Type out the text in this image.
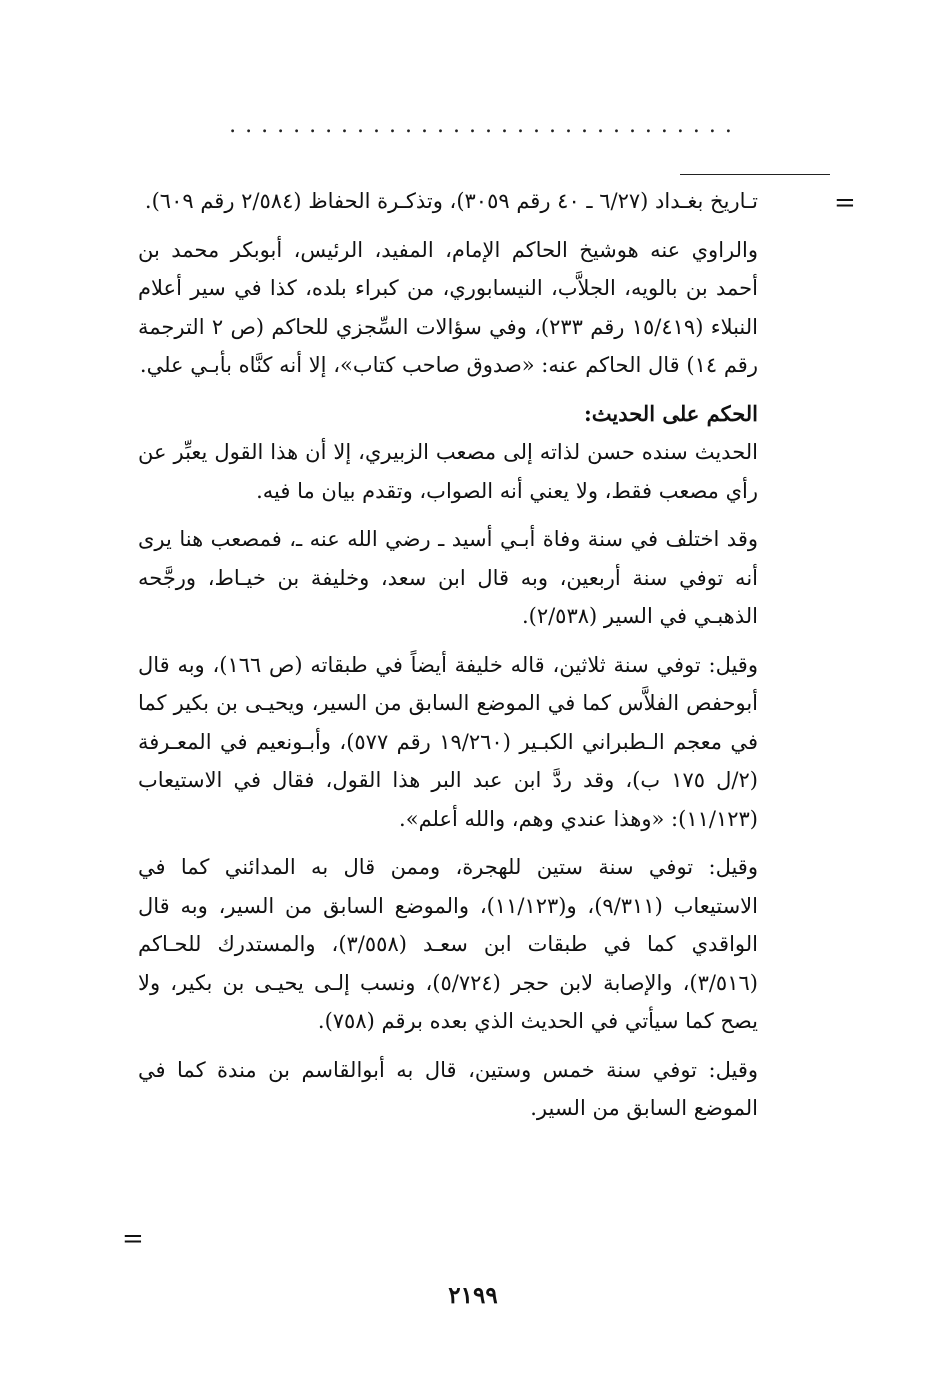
................................
=

تـاريخ بغـداد (٦/٢٧ ـ ٤٠ رقم ٣٠٥٩)، وتذكـرة الحفاظ (٢/٥٨٤ رقم ٦٠٩).

والراوي عنه هوشيخ الحاكم الإمام، المفيد، الرئيس، أبوبكر محمد بن أحمد بن بالويه، الجلاَّب، النيسابوري، من كبراء بلده، كذا في سير أعلام النبلاء (١٥/٤١٩ رقم ٢٣٣)، وفي سؤالات السِّجزي للحاكم (ص ٢ الترجمة رقم ١٤) قال الحاكم عنه: «صدوق صاحب كتاب»، إلا أنه كنَّاه بأبـي علي.

الحكم على الحديث:

الحديث سنده حسن لذاته إلى مصعب الزبيري، إلا أن هذا القول يعبِّر عن رأي مصعب فقط، ولا يعني أنه الصواب، وتقدم بيان ما فيه.

وقد اختلف في سنة وفاة أبـي أسيد ـ رضي الله عنه ـ، فمصعب هنا يرى أنه توفي سنة أربعين، وبه قال ابن سعد، وخليفة بن خيـاط، ورجَّحه الذهبـي في السير (٢/٥٣٨).

وقيل: توفي سنة ثلاثين، قاله خليفة أيضاً في طبقاته (ص ١٦٦)، وبه قال أبوحفص الفلاَّس كما في الموضع السابق من السير، ويحيـى بن بكير كما في معجم الـطبراني الكبـير (١٩/٢٦٠ رقم ٥٧٧)، وأبـونعيم في المعـرفة (٢/ل ١٧٥ ب)، وقد ردَّ ابن عبد البر هذا القول، فقال في الاستيعاب (١١/١٢٣): «وهذا عندي وهم، والله أعلم».

وقيل: توفي سنة ستين للهجرة، وممن قال به المدائني كما في الاستيعاب (٩/٣١١)، و(١١/١٢٣)، والموضع السابق من السير، وبه قال الواقدي كما في طبقات ابن سعـد (٣/٥٥٨)، والمستدرك للحـاكم (٣/٥١٦)، والإصابة لابن حجر (٥/٧٢٤)، ونسب إلـى يحيـى بن بكير، ولا يصح كما سيأتي في الحديث الذي بعده برقم (٧٥٨).

وقيل: توفي سنة خمس وستين، قال به أبوالقاسم بن مندة كما في الموضع السابق من السير.

=
٢١٩٩
